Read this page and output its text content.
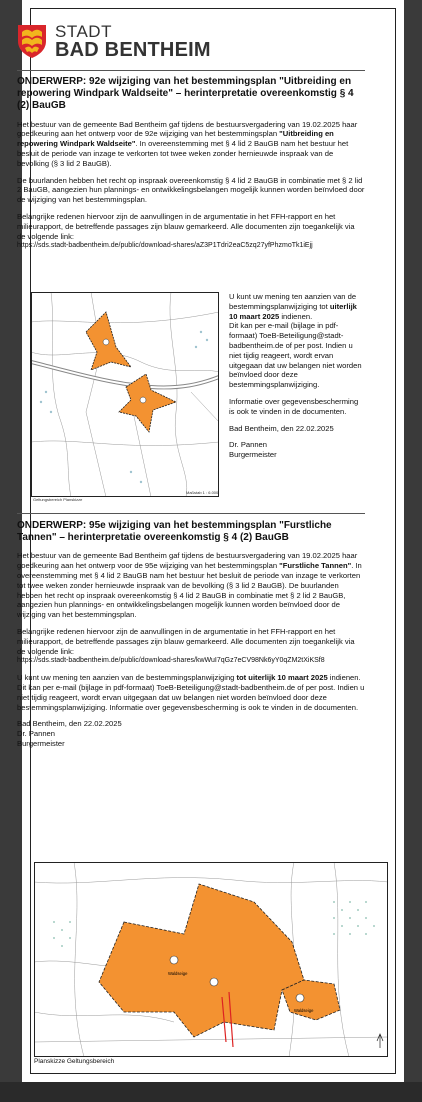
STADT
BAD BENTHEIM

ONDERWERP: 92e wijziging van het bestemmingsplan "Uitbreiding en repowering Windpark Waldseite" – herinterpretatie overeenkomstig § 4 (2) BauGB

Het bestuur van de gemeente Bad Bentheim gaf tijdens de bestuursvergadering van 19.02.2025 haar goedkeuring aan het ontwerp voor de 92e wijziging van het bestemmingsplan "Uitbreiding en repowering Windpark Waldseite". In overeenstemming met § 4 lid 2 BauGB nam het bestuur het besluit de periode van inzage te verkorten tot twee weken zonder hernieuwde inspraak van de bevolking (§ 3 lid 2 BauGB).

De buurlanden hebben het recht op inspraak overeenkomstig § 4 lid 2 BauGB in combinatie met § 2 lid 2 BauGB, aangezien hun plannings- en ontwikkelingsbelangen mogelijk kunnen worden beïnvloed door de wijziging van het bestemmingsplan.

Belangrijke redenen hiervoor zijn de aanvullingen in de argumentatie in het FFH-rapport en het milieurapport, de betreffende passages zijn blauw gemarkeerd. Alle documenten zijn toegankelijk via de volgende link:

https://sds.stadt-badbentheim.de/public/download-shares/aZ3P1Tdri2eaC5zq27yfPhzmoTk1iEjj

Geltungsbereich Planskizze
Maßstab 1 : 6.000

U kunt uw mening ten aanzien van de bestemmingsplanwijziging tot uiterlijk 10 maart 2025 indienen.

Dit kan per e-mail (bijlage in pdf-formaat) ToeB-Beteiligung@stadt-badbentheim.de of per post. Indien u niet tijdig reageert, wordt ervan uitgegaan dat uw belangen niet worden beïnvloed door deze bestemmingsplanwijziging.

Informatie over gegevensbescherming is ook te vinden in de documenten.

Bad Bentheim, den 22.02.2025

Dr. Pannen

Burgermeister

ONDERWERP: 95e wijziging van het bestemmingsplan "Furstliche Tannen" – herinterpretatie overeenkomstig § 4 (2) BauGB

Het bestuur van de gemeente Bad Bentheim gaf tijdens de bestuursvergadering van 19.02.2025 haar goedkeuring aan het ontwerp voor de 95e wijziging van het bestemmingsplan "Furstliche Tannen". In overeenstemming met § 4 lid 2 BauGB nam het bestuur het besluit de periode van inzage te verkorten tot twee weken zonder hernieuwde inspraak van de bevolking (§ 3 lid 2 BauGB). De buurlanden hebben het recht op inspraak overeenkomstig § 4 lid 2 BauGB in combinatie met § 2 lid 2 BauGB, aangezien hun plannings- en ontwikkelingsbelangen mogelijk kunnen worden beïnvloed door de wijziging van het bestemmingsplan.

Belangrijke redenen hiervoor zijn de aanvullingen in de argumentatie in het FFH-rapport en het milieurapport, de betreffende passages zijn blauw gemarkeerd. Alle documenten zijn toegankelijk via de volgende link:

https://sds.stadt-badbentheim.de/public/download-shares/kwWuI7qGz7eCV98Nk6yY0qZM2tXiKSf8

U kunt uw mening ten aanzien van de bestemmingsplanwijziging tot uiterlijk 10 maart 2025 indienen.

Dit kan per e-mail (bijlage in pdf-formaat) ToeB-Beteiligung@stadt-badbentheim.de of per post. Indien u niet tijdig reageert, wordt ervan uitgegaan dat uw belangen niet worden beïnvloed door deze bestemmingsplanwijziging. Informatie over gegevensbescherming is ook te vinden in de documenten.

Bad Bentheim, den 22.02.2025

Dr. Pannen

Burgermeister

Waldseige
Waldseige
Planskizze Geltungsbereich
